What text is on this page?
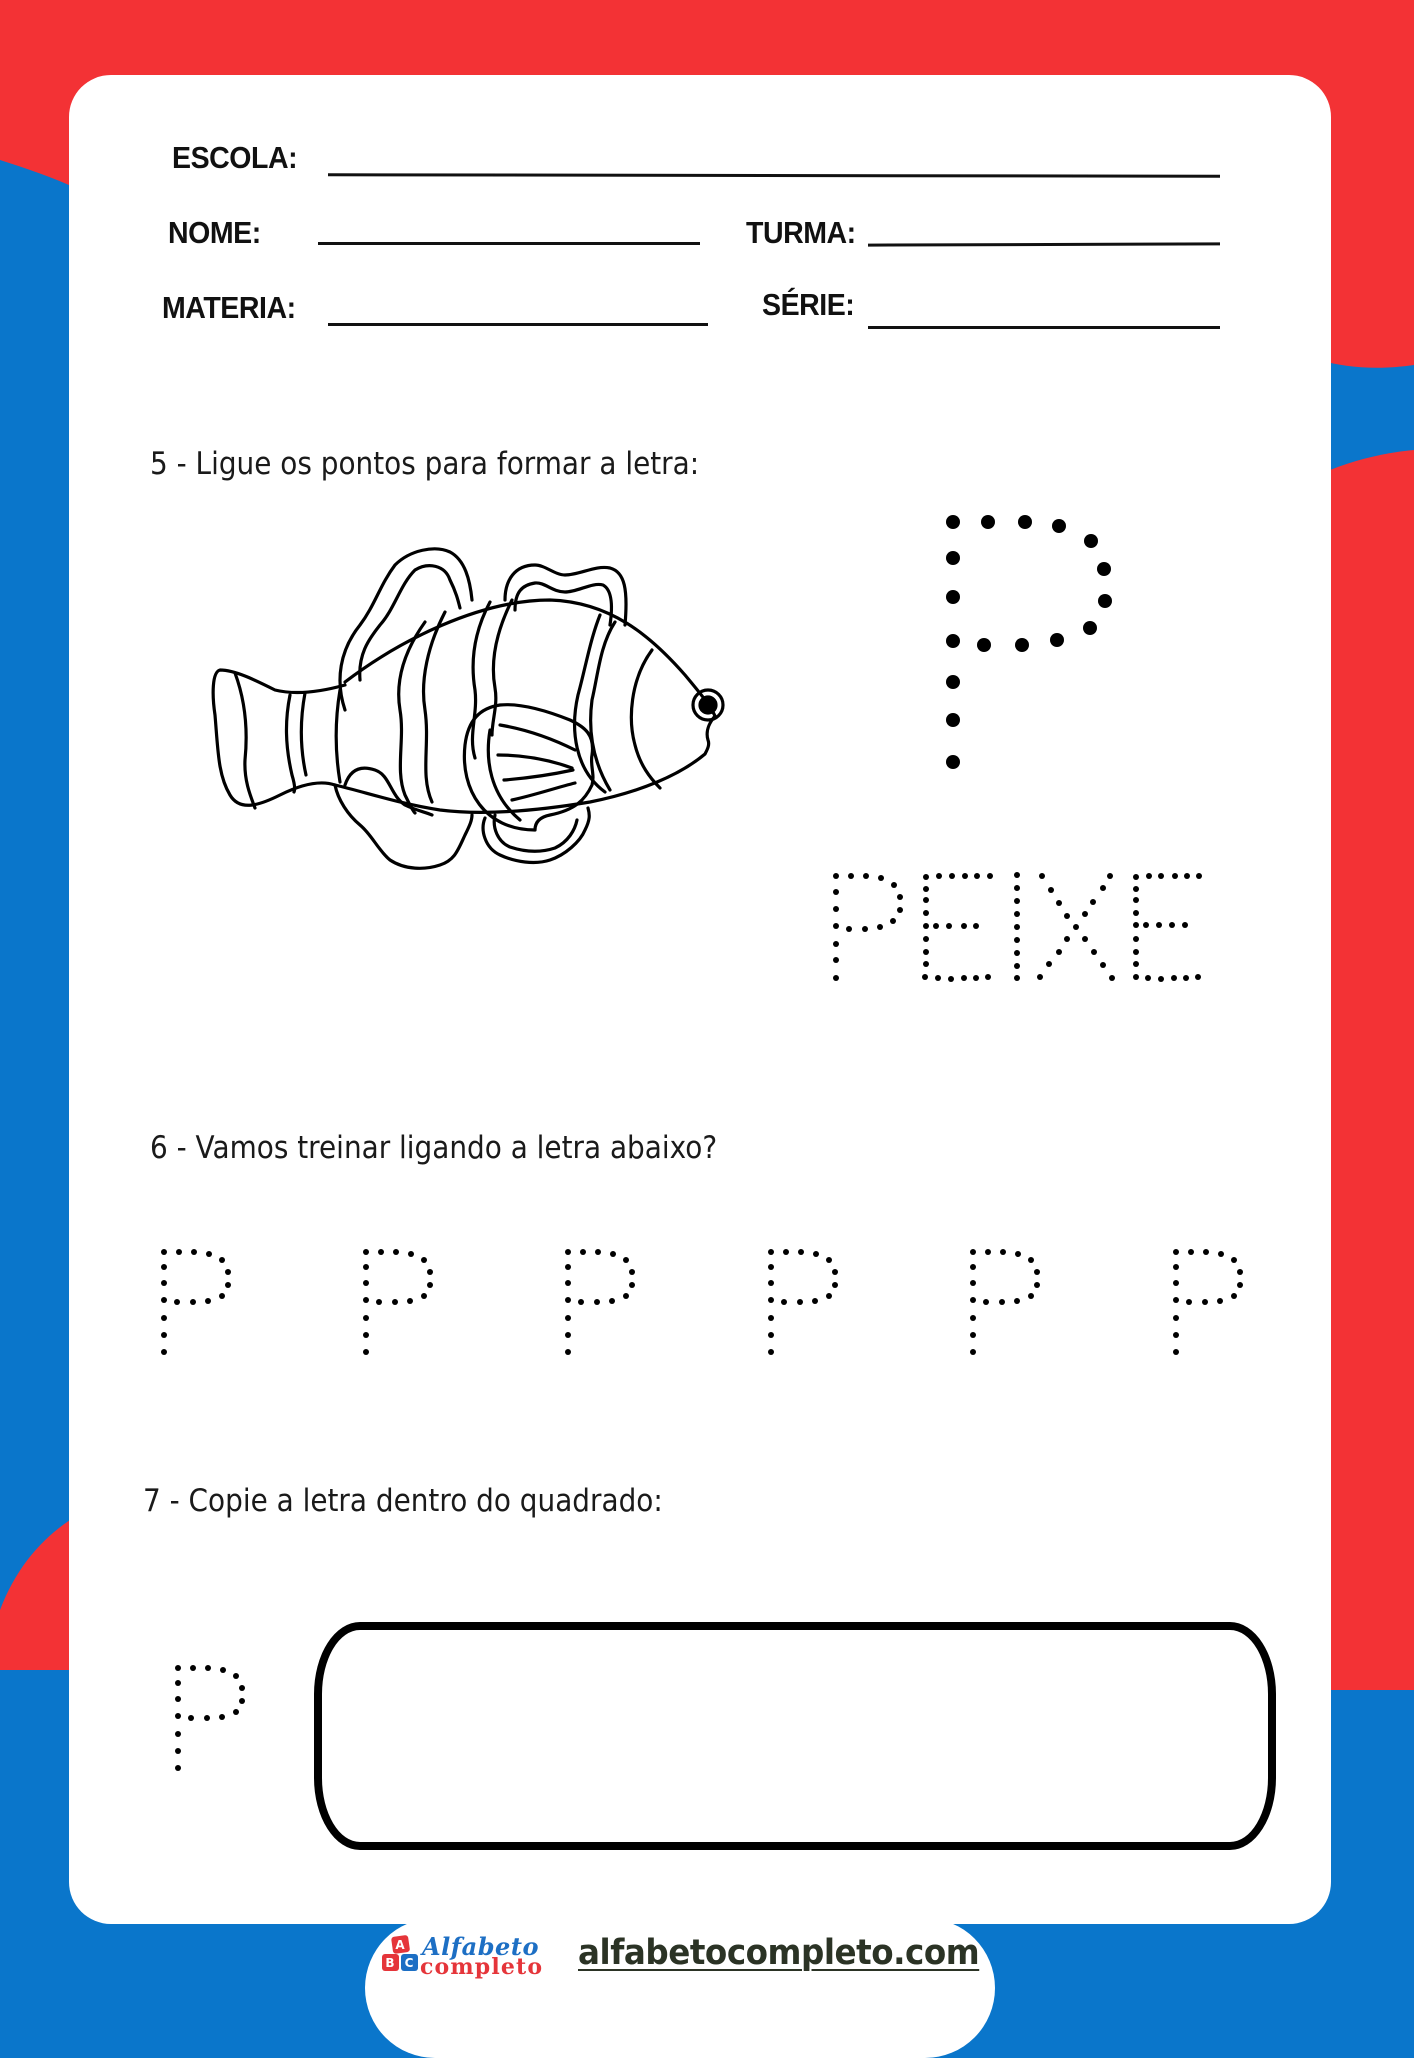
ESCOLA:
NOME:	TURMA:
MATERIA:	SÉRIE:
5 - Ligue os pontos para formar a letra:
6 - Vamos treinar ligando a letra abaixo?
7 - Copie a letra dentro do quadrado:
A
B C
Alfabeto
completo alfabetocompleto.com
